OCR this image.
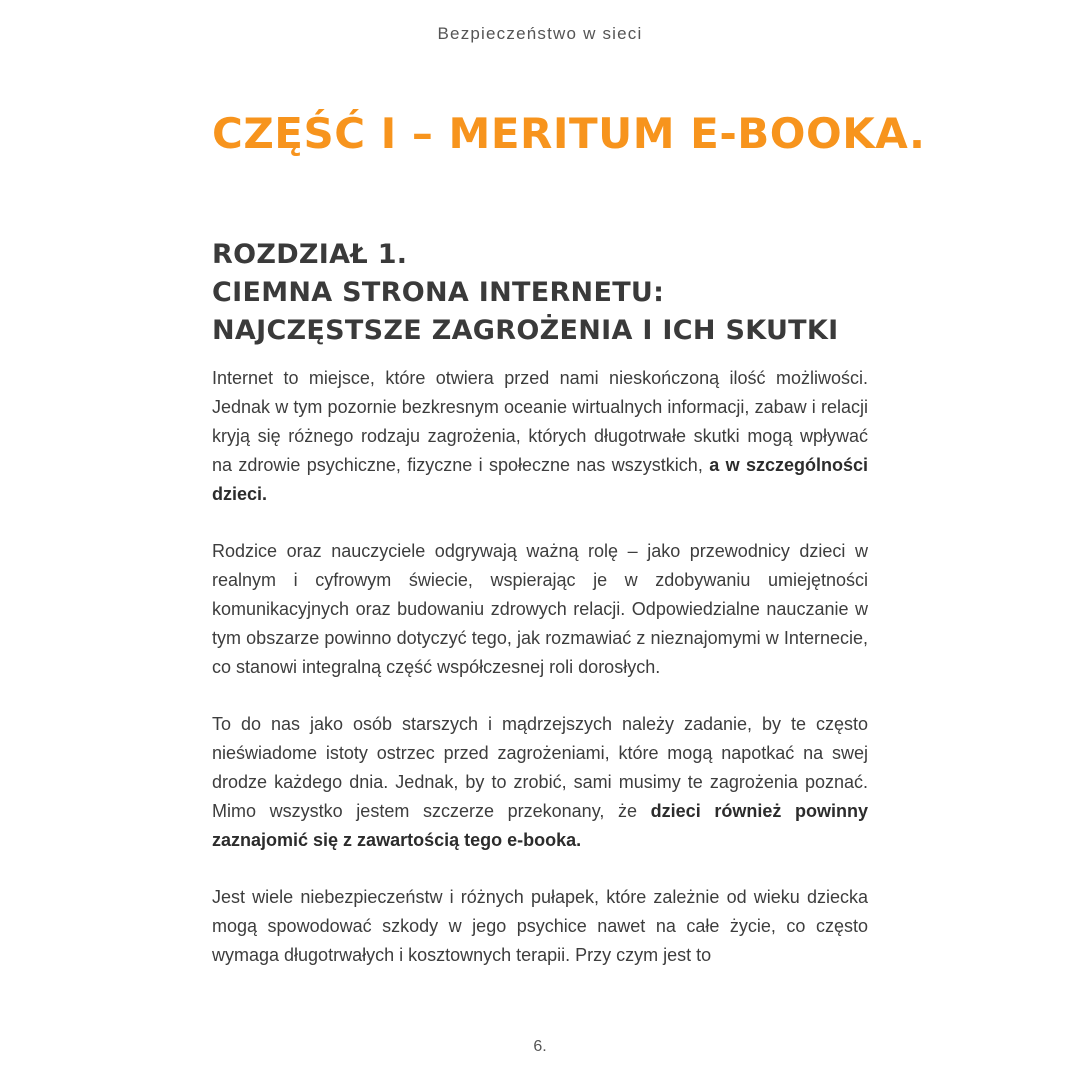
Bezpieczeństwo w sieci
CZĘŚĆ I – MERITUM E-BOOKA.
ROZDZIAŁ 1.
CIEMNA STRONA INTERNETU:
NAJCZĘSTSZE ZAGROŻENIA I ICH SKUTKI

Internet to miejsce, które otwiera przed nami nieskończoną ilość możliwości. Jednak w tym pozornie bezkresnym oceanie wirtualnych informacji, zabaw i relacji kryją się różnego rodzaju zagrożenia, których długotrwałe skutki mogą wpływać na zdrowie psychiczne, fizyczne i społeczne nas wszystkich, a w szczególności dzieci.

Rodzice oraz nauczyciele odgrywają ważną rolę – jako przewodnicy dzieci w realnym i cyfrowym świecie, wspierając je w zdobywaniu umiejętności komunikacyjnych oraz budowaniu zdrowych relacji. Odpowiedzialne nauczanie w tym obszarze powinno dotyczyć tego, jak rozmawiać z nieznajomymi w Internecie, co stanowi integralną część współczesnej roli dorosłych.

To do nas jako osób starszych i mądrzejszych należy zadanie, by te często nieświadome istoty ostrzec przed zagrożeniami, które mogą napotkać na swej drodze każdego dnia. Jednak, by to zrobić, sami musimy te zagrożenia poznać. Mimo wszystko jestem szczerze przekonany, że dzieci również powinny zaznajomić się z zawartością tego e-booka.

Jest wiele niebezpieczeństw i różnych pułapek, które zależnie od wieku dziecka mogą spowodować szkody w jego psychice nawet na całe życie, co często wymaga długotrwałych i kosztownych terapii. Przy czym jest to

6.
